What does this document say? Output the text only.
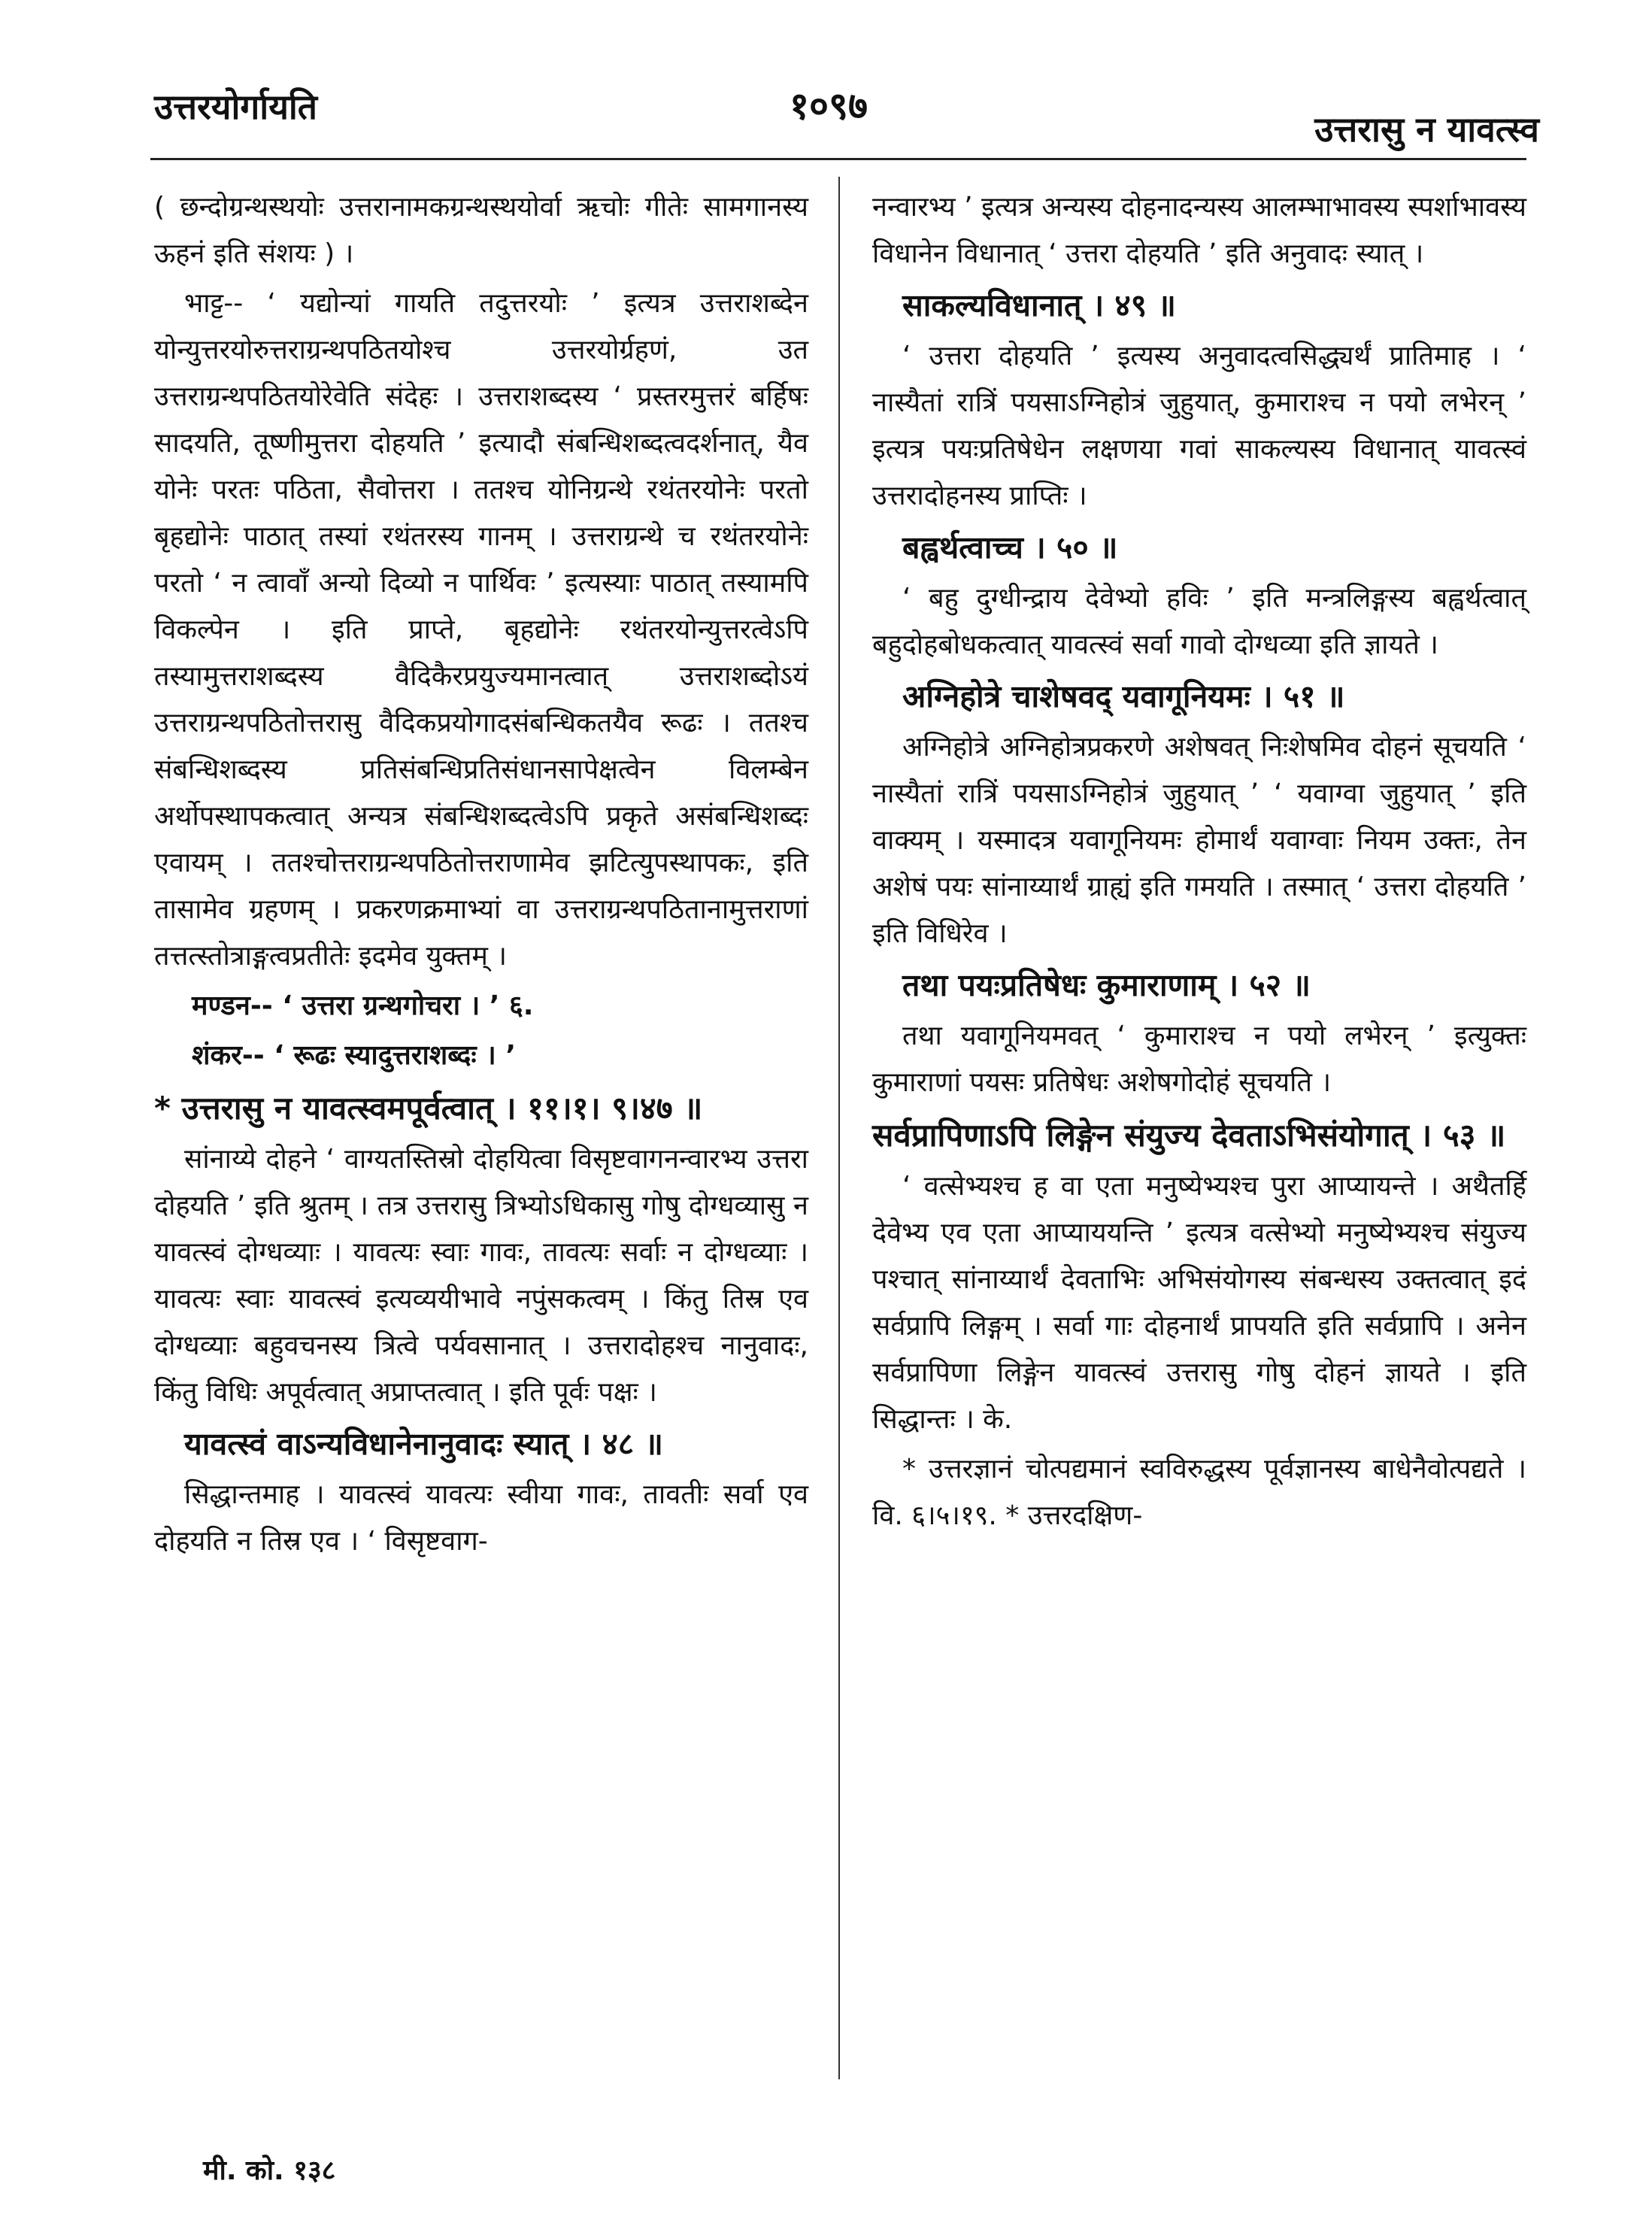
उत्तरयोर्गायति	१०९७
उत्तरासु न यावत्स्व

( छन्दोग्रन्थस्थयोः उत्तरानामकग्रन्थस्थयोर्वा ऋचोः गीतेः सामगानस्य ऊहनं इति संशयः ) ।

भाट्ट-- ‘ यद्योन्यां गायति तदुत्तरयोः ’ इत्यत्र उत्तराशब्देन योन्युत्तरयोरुत्तराग्रन्थपठितयोश्च उत्तरयोर्ग्रहणं, उत उत्तराग्रन्थपठितयोरेवेति संदेहः । उत्तराशब्दस्य ‘ प्रस्तरमुत्तरं बर्हिषः सादयति, तूष्णीमुत्तरा दोहयति ’ इत्यादौ संबन्धिशब्दत्वदर्शनात्, यैव योनेः परतः पठिता, सैवोत्तरा । ततश्च योनिग्रन्थे रथंतरयोनेः परतो बृहद्योनेः पाठात् तस्यां रथंतरस्य गानम् । उत्तराग्रन्थे च रथंतरयोनेः परतो ‘ न त्वावाँ अन्यो दिव्यो न पार्थिवः ’ इत्यस्याः पाठात् तस्यामपि विकल्पेन । इति प्राप्ते, बृहद्योनेः रथंतरयोन्युत्तरत्वेऽपि तस्यामुत्तराशब्दस्य वैदिकैरप्रयुज्यमानत्वात् उत्तराशब्दोऽयं उत्तराग्रन्थपठितोत्तरासु वैदिकप्रयोगादसंबन्धिकतयैव रूढः । ततश्च संबन्धिशब्दस्य प्रतिसंबन्धिप्रतिसंधानसापेक्षत्वेन विलम्बेन अर्थोपस्थापकत्वात् अन्यत्र संबन्धिशब्दत्वेऽपि प्रकृते असंबन्धिशब्दः एवायम् । ततश्चोत्तराग्रन्थपठितोत्तराणामेव झटित्युपस्थापकः, इति तासामेव ग्रहणम् । प्रकरणक्रमाभ्यां वा उत्तराग्रन्थपठितानामुत्तराणां तत्तत्स्तोत्राङ्गत्वप्रतीतेः इदमेव युक्तम् ।

मण्डन-- ‘ उत्तरा ग्रन्थगोचरा । ’ ६.

शंकर-- ‘ रूढः स्यादुत्तराशब्दः । ’

* उत्तरासु न यावत्स्वमपूर्वत्वात् । ११।१। ९।४७ ॥

सांनाय्ये दोहने ‘ वाग्यतस्तिस्रो दोहयित्वा विसृष्टवागनन्वारभ्य उत्तरा दोहयति ’ इति श्रुतम् । तत्र उत्तरासु त्रिभ्योऽधिकासु गोषु दोग्धव्यासु न यावत्स्वं दोग्धव्याः । यावत्यः स्वाः गावः, तावत्यः सर्वाः न दोग्धव्याः । यावत्यः स्वाः यावत्स्वं इत्यव्ययीभावे नपुंसकत्वम् । किंतु तिस्र एव दोग्धव्याः बहुवचनस्य त्रित्वे पर्यवसानात् । उत्तरादोहश्च नानुवादः, किंतु विधिः अपूर्वत्वात् अप्राप्तत्वात् । इति पूर्वः पक्षः ।

यावत्स्वं वाऽन्यविधानेनानुवादः स्यात् । ४८ ॥

सिद्धान्तमाह । यावत्स्वं यावत्यः स्वीया गावः, तावतीः सर्वा एव दोहयति न तिस्र एव । ‘ विसृष्टवाग-

नन्वारभ्य ’ इत्यत्र अन्यस्य दोहनादन्यस्य आलम्भाभावस्य स्पर्शाभावस्य विधानेन विधानात् ‘ उत्तरा दोहयति ’ इति अनुवादः स्यात् ।

साकल्यविधानात् । ४९ ॥

‘ उत्तरा दोहयति ’ इत्यस्य अनुवादत्वसिद्ध्यर्थं प्रातिमाह । ‘ नास्यैतां रात्रिं पयसाऽग्निहोत्रं जुहुयात्, कुमाराश्च न पयो लभेरन् ’ इत्यत्र पयःप्रतिषेधेन लक्षणया गवां साकल्यस्य विधानात् यावत्स्वं उत्तरादोहनस्य प्राप्तिः ।

बह्वर्थत्वाच्च । ५० ॥

‘ बहु दुग्धीन्द्राय देवेभ्यो हविः ’ इति मन्त्रलिङ्गस्य बह्वर्थत्वात् बहुदोहबोधकत्वात् यावत्स्वं सर्वा गावो दोग्धव्या इति ज्ञायते ।

अग्निहोत्रे चाशेषवद् यवागूनियमः । ५१ ॥

अग्निहोत्रे अग्निहोत्रप्रकरणे अशेषवत् निःशेषमिव दोहनं सूचयति ‘ नास्यैतां रात्रिं पयसाऽग्निहोत्रं जुहुयात् ’ ‘ यवाग्वा जुहुयात् ’ इति वाक्यम् । यस्मादत्र यवागूनियमः होमार्थं यवाग्वाः नियम उक्तः, तेन अशेषं पयः सांनाय्यार्थं ग्राह्यं इति गमयति । तस्मात् ‘ उत्तरा दोहयति ’ इति विधिरेव ।

तथा पयःप्रतिषेधः कुमाराणाम् । ५२ ॥

तथा यवागूनियमवत् ‘ कुमाराश्च न पयो लभेरन् ’ इत्युक्तः कुमाराणां पयसः प्रतिषेधः अशेषगोदोहं सूचयति ।

सर्वप्रापिणाऽपि लिङ्गेन संयुज्य देवताऽभिसंयोगात् । ५३ ॥

‘ वत्सेभ्यश्च ह वा एता मनुष्येभ्यश्च पुरा आप्यायन्ते । अथैतर्हि देवेभ्य एव एता आप्याययन्ति ’ इत्यत्र वत्सेभ्यो मनुष्येभ्यश्च संयुज्य पश्चात् सांनाय्यार्थं देवताभिः अभिसंयोगस्य संबन्धस्य उक्तत्वात् इदं सर्वप्रापि लिङ्गम् । सर्वा गाः दोहनार्थं प्रापयति इति सर्वप्रापि । अनेन सर्वप्रापिणा लिङ्गेन यावत्स्वं उत्तरासु गोषु दोहनं ज्ञायते । इति सिद्धान्तः । के.

* उत्तरज्ञानं चोत्पद्यमानं स्वविरुद्धस्य पूर्वज्ञानस्य बाधेनैवोत्पद्यते । वि. ६।५।१९. * उत्तरदक्षिण-

मी. को. १३८
